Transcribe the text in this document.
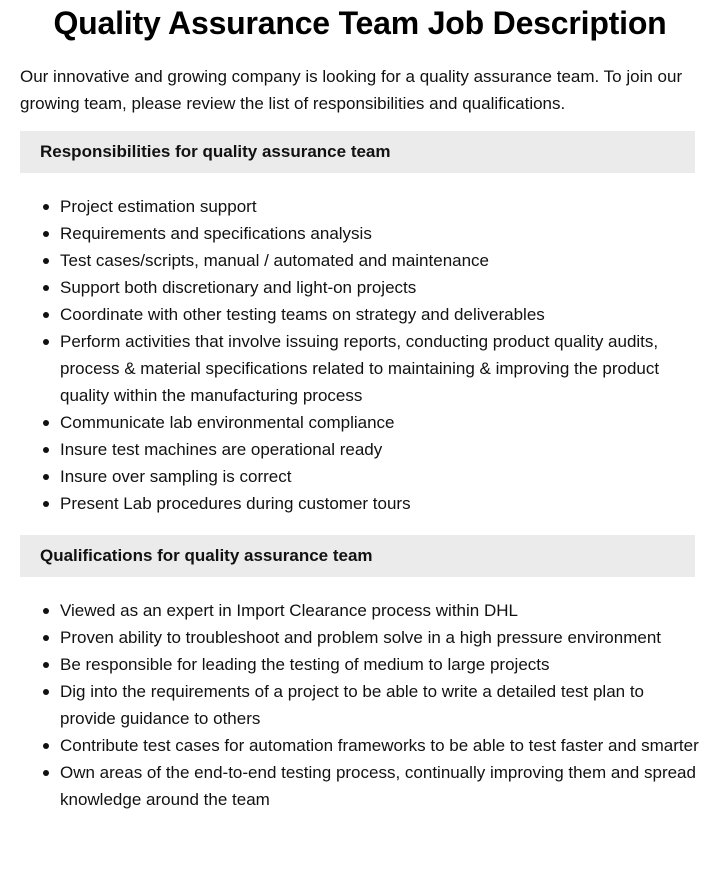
Quality Assurance Team Job Description

Our innovative and growing company is looking for a quality assurance team. To join our growing team, please review the list of responsibilities and qualifications.

Responsibilities for quality assurance team
Project estimation support
Requirements and specifications analysis
Test cases/scripts, manual / automated and maintenance
Support both discretionary and light-on projects
Coordinate with other testing teams on strategy and deliverables
Perform activities that involve issuing reports, conducting product quality audits, process & material specifications related to maintaining & improving the product quality within the manufacturing process
Communicate lab environmental compliance
Insure test machines are operational ready
Insure over sampling is correct
Present Lab procedures during customer tours
Qualifications for quality assurance team
Viewed as an expert in Import Clearance process within DHL
Proven ability to troubleshoot and problem solve in a high pressure environment
Be responsible for leading the testing of medium to large projects
Dig into the requirements of a project to be able to write a detailed test plan to provide guidance to others
Contribute test cases for automation frameworks to be able to test faster and smarter
Own areas of the end-to-end testing process, continually improving them and spread knowledge around the team
